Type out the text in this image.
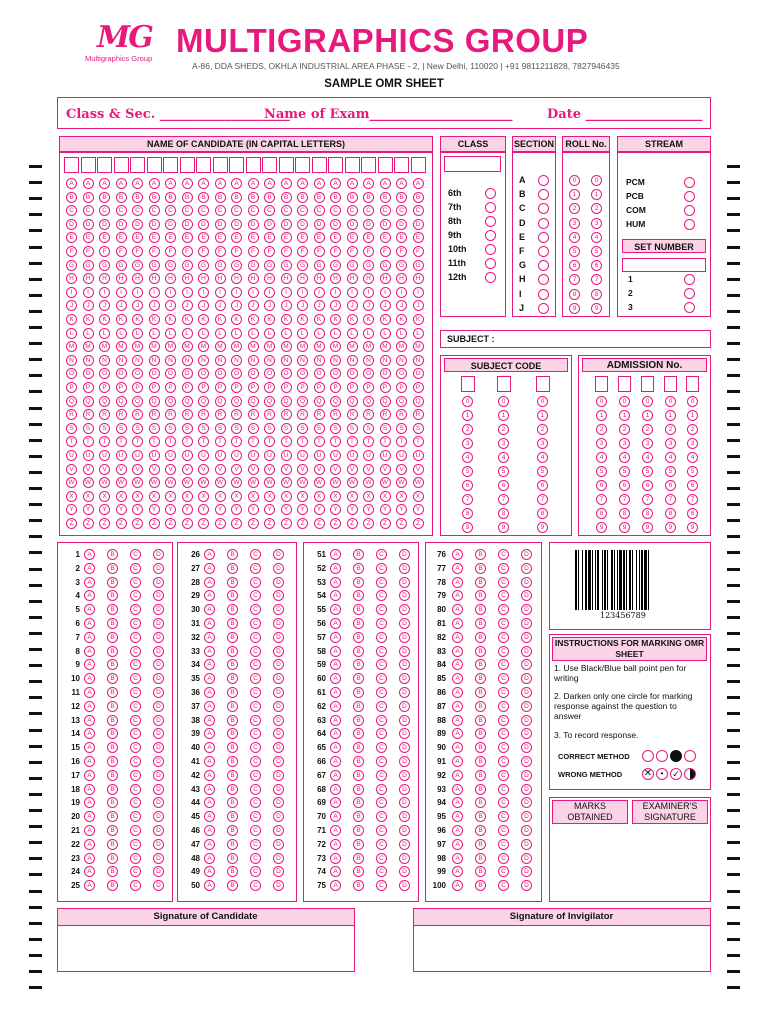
MG
Multigraphics Group MULTIGRAPHICS GROUP
A-86, DDA SHEDS, OKHLA INDUSTRIAL AREA PHASE - 2, | New Delhi, 110020 | +91 9811211828, 7827946435
SAMPLE OMR SHEET
Class & Sec. ____________________
Name of Exam______________________	Date __________________
NAME OF CANDIDATE (IN CAPITAL LETTERS)
A	A	A	A	A	A	A	A	A	A	A	A	A	A	A	A	A	A	A	A	A	A
B	B	B	B	B	B	B	B	B	B	B	B	B	B	B	B	B	B	B	B	B	B
C	C	C	C	C	C	C	C	C	C	C	C	C	C	C	C	C	C	C	C	C	C
D	D	D	D	D	D	D	D	D	D	D	D	D	D	D	D	D	D	D	D	D	D
E	E	E	E	E	E	E	E	E	E	E	E	E	E	E	E	E	E	E	E	E	E
F	F	F	F	F	F	F	F	F	F	F	F	F	F	F	F	F	F	F	F	F	F
G	G	G	G	G	G	G	G	G	G	G	G	G	G	G	G	G	G	G	G	G	G
H	H	H	H	H	H	H	H	H	H	H	H	H	H	H	H	H	H	H	H	H	H
I	I	I	I	I	I	I	I	I	I	I	I	I	I	I	I	I	I	I	I	I	I
J	J	J	J	J	J	J	J	J	J	J	J	J	J	J	J	J	J	J	J	J	J
K	K	K	K	K	K	K	K	K	K	K	K	K	K	K	K	K	K	K	K	K	K
L	L	L	L	L	L	L	L	L	L	L	L	L	L	L	L	L	L	L	L	L	L
M	M	M	M	M	M	M	M	M	M	M	M	M	M	M	M	M	M	M	M	M	M
N	N	N	N	N	N	N	N	N	N	N	N	N	N	N	N	N	N	N	N	N	N
O	O	O	O	O	O	O	O	O	O	O	O	O	O	O	O	O	O	O	O	O	O
P	P	P	P	P	P	P	P	P	P	P	P	P	P	P	P	P	P	P	P	P	P
Q	Q	Q	Q	Q	Q	Q	Q	Q	Q	Q	Q	Q	Q	Q	Q	Q	Q	Q	Q	Q	Q
R	R	R	R	R	R	R	R	R	R	R	R	R	R	R	R	R	R	R	R	R	R
S	S	S	S	S	S	S	S	S	S	S	S	S	S	S	S	S	S	S	S	S	S
T	T	T	T	T	T	T	T	T	T	T	T	T	T	T	T	T	T	T	T	T	T
U	U	U	U	U	U	U	U	U	U	U	U	U	U	U	U	U	U	U	U	U	U
V	V	V	V	V	V	V	V	V	V	V	V	V	V	V	V	V	V	V	V	V	V
W	W	W	W	W	W	W	W	W	W	W	W	W	W	W	W	W	W	W	W	W	W
X	X	X	X	X	X	X	X	X	X	X	X	X	X	X	X	X	X	X	X	X	X
Y	Y	Y	Y	Y	Y	Y	Y	Y	Y	Y	Y	Y	Y	Y	Y	Y	Y	Y	Y	Y	Y
Z	Z	Z	Z	Z	Z	Z	Z	Z	Z	Z	Z	Z	Z	Z	Z	Z	Z	Z	Z	Z	Z
CLASS
6th
7th
8th
9th
10th
11th
12th
SECTION
A
B
C
D
E
F
G
H
I
J
ROLL No.
0	0
1	1
2	2
3	3
4	4
5	5
6	6
7	7
8	8
9	9
STREAM
SET NUMBER
PCM
PCB
COM
HUM
1
2
3
SUBJECT :
SUBJECT CODE
0	0	0
1	1	1
2	2	2
3	3	3
4	4	4
5	5	5
6	6	6
7	7	7
8	8	8
9	9	9
ADMISSION No.
0	0	0	0	0
1	1	1	1	1
2	2	2	2	2
3	3	3	3	3
4	4	4	4	4
5	5	5	5	5
6	6	6	6	6
7	7	7	7	7
8	8	8	8	8
9	9	9	9	9
1	A	B	C	D
2	A	B	C	D
3	A	B	C	D
4	A	B	C	D
5	A	B	C	D
6	A	B	C	D
7	A	B	C	D
8	A	B	C	D
9	A	B	C	D
10	A	B	C	D
11	A	B	C	D
12	A	B	C	D
13	A	B	C	D
14	A	B	C	D
15	A	B	C	D
16	A	B	C	D
17	A	B	C	D
18	A	B	C	D
19	A	B	C	D
20	A	B	C	D
21	A	B	C	D
22	A	B	C	D
23	A	B	C	D
24	A	B	C	D
25	A	B	C	D
26	A	B	C	D
27	A	B	C	D
28	A	B	C	D
29	A	B	C	D
30	A	B	C	D
31	A	B	C	D
32	A	B	C	D
33	A	B	C	D
34	A	B	C	D
35	A	B	C	D
36	A	B	C	D
37	A	B	C	D
38	A	B	C	D
39	A	B	C	D
40	A	B	C	D
41	A	B	C	D
42	A	B	C	D
43	A	B	C	D
44	A	B	C	D
45	A	B	C	D
46	A	B	C	D
47	A	B	C	D
48	A	B	C	D
49	A	B	C	D
50	A	B	C	D
51	A	B	C	D
52	A	B	C	D
53	A	B	C	D
54	A	B	C	D
55	A	B	C	D
56	A	B	C	D
57	A	B	C	D
58	A	B	C	D
59	A	B	C	D
60	A	B	C	D
61	A	B	C	D
62	A	B	C	D
63	A	B	C	D
64	A	B	C	D
65	A	B	C	D
66	A	B	C	D
67	A	B	C	D
68	A	B	C	D
69	A	B	C	D
70	A	B	C	D
71	A	B	C	D
72	A	B	C	D
73	A	B	C	D
74	A	B	C	D
75	A	B	C	D
76	A	B	C	D
77	A	B	C	D
78	A	B	C	D
79	A	B	C	D
80	A	B	C	D
81	A	B	C	D
82	A	B	C	D
83	A	B	C	D
84	A	B	C	D
85	A	B	C	D
86	A	B	C	D
87	A	B	C	D
88	A	B	C	D
89	A	B	C	D
90	A	B	C	D
91	A	B	C	D
92	A	B	C	D
93	A	B	C	D
94	A	B	C	D
95	A	B	C	D
96	A	B	C	D
97	A	B	C	D
98	A	B	C	D
99	A	B	C	D
100	A	B	C	D
123456789
INSTRUCTIONS FOR MARKING OMR SHEET
1. Use Black/Blue ball point pen for writing
2. Darken only one circle for marking response against the question to answer
3. To record response.
CORRECT METHOD
WRONG METHOD ✕	• ✓
MARKS OBTAINED
EXAMINER'S SIGNATURE
Signature of Candidate	Signature of Invigilator
